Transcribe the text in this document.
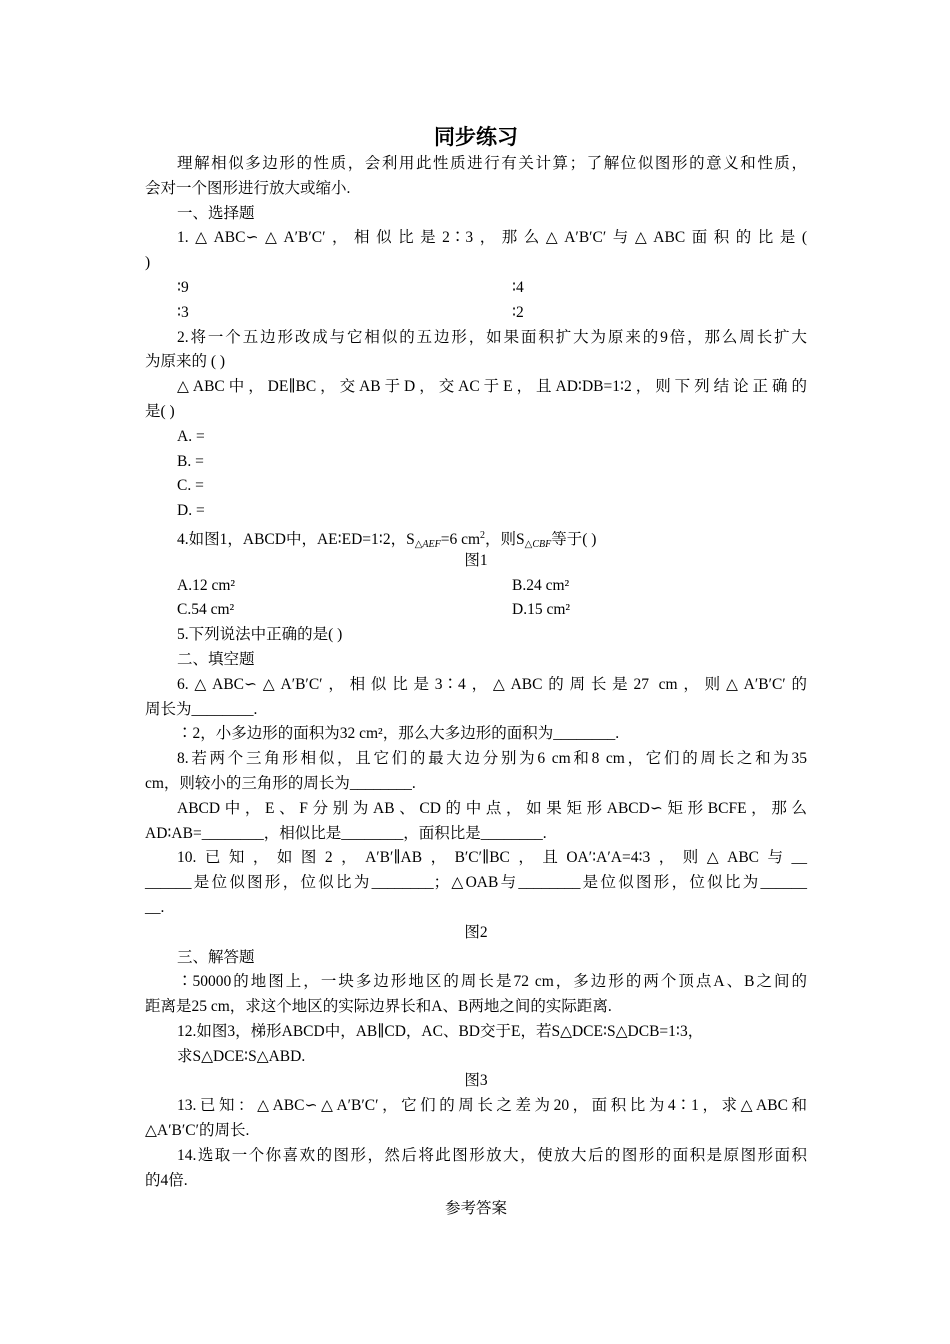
同步练习
理解相似多边形的性质，会利用此性质进行有关计算；了解位似图形的意义和性质，
会对一个图形进行放大或缩小.
一、选择题
1.△ABC∽△A′B′C′，相似比是2∶3，那么△A′B′C′与△ABC面积的比是(
)
∶9	∶4
∶3	∶2
2.将一个五边形改成与它相似的五边形，如果面积扩大为原来的9倍，那么周长扩大
为原来的 ( )
△ABC中，DE∥BC，交AB于D，交AC于E，且AD∶DB=1∶2，则下列结论正确的
是( )
A. =
B. =
C. =
D. =
4.如图1，ABCD中，AE∶ED=1∶2，$S_{\triangle AEF}=6$ $cm^2$，则$S_{\triangle CBF}$等于( )
图1
A.12 cm²	B.24 cm²
C.54 cm²	D.15 cm²
5.下列说法中正确的是( )
二、填空题
6.△ABC∽△A′B′C′，相似比是3∶4，△ABC的周长是27 cm，则△A′B′C′的
周长为________.
∶2，小多边形的面积为32 cm²，那么大多边形的面积为________.
8.若两个三角形相似，且它们的最大边分别为6 cm和8 cm，它们的周长之和为35
cm，则较小的三角形的周长为________.
ABCD中，E、F分别为AB、CD的中点，如果矩形ABCD∽矩形BCFE，那么
AD∶AB=________，相似比是________，面积比是________.
10.已知，如图2，A′B′∥AB，B′C′∥BC，且OA′∶A′A=4∶3，则△ABC与__
______是位似图形，位似比为________；△OAB与________是位似图形，位似比为______
__.
图2
三、解答题
∶50000的地图上，一块多边形地区的周长是72 cm，多边形的两个顶点A、B之间的
距离是25 cm，求这个地区的实际边界长和A、B两地之间的实际距离.
12.如图3，梯形ABCD中，AB∥CD，AC、BD交于E，若S△DCE∶S△DCB=1∶3，
求S△DCE∶S△ABD.
图3
13.已知：△ABC∽△A′B′C′，它们的周长之差为20，面积比为4∶1，求△ABC和
△A′B′C′的周长.
14.选取一个你喜欢的图形，然后将此图形放大，使放大后的图形的面积是原图形面积
的4倍.
参考答案
